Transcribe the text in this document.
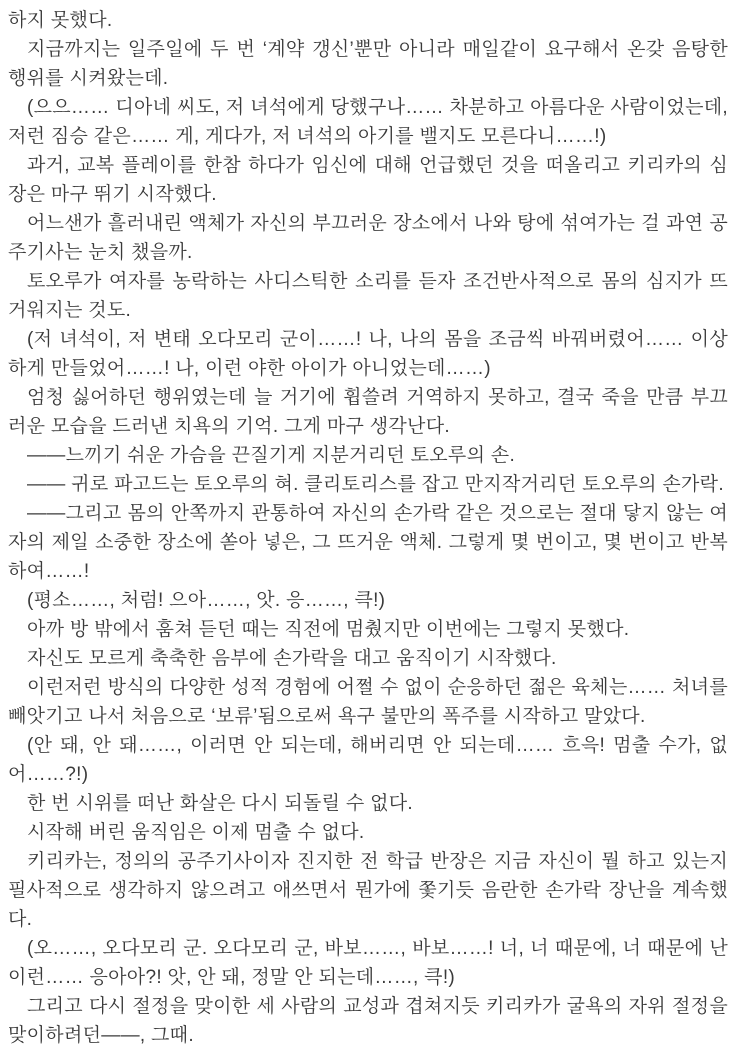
하지 못했다.

지금까지는 일주일에 두 번 ‘계약 갱신’뿐만 아니라 매일같이 요구해서 온갖 음탕한 행위를 시켜왔는데.

(으으…… 디아네 씨도, 저 녀석에게 당했구나…… 차분하고 아름다운 사람이었는데, 저런 짐승 같은…… 게, 게다가, 저 녀석의 아기를 밸지도 모른다니……!)

과거, 교복 플레이를 한참 하다가 임신에 대해 언급했던 것을 떠올리고 키리카의 심장은 마구 뛰기 시작했다.

어느샌가 흘러내린 액체가 자신의 부끄러운 장소에서 나와 탕에 섞여가는 걸 과연 공주기사는 눈치 챘을까.

토오루가 여자를 농락하는 사디스틱한 소리를 듣자 조건반사적으로 몸의 심지가 뜨거워지는 것도.

(저 녀석이, 저 변태 오다모리 군이……! 나, 나의 몸을 조금씩 바꿔버렸어…… 이상하게 만들었어……! 나, 이런 야한 아이가 아니었는데……)

엄청 싫어하던 행위였는데 늘 거기에 휩쓸려 거역하지 못하고, 결국 죽을 만큼 부끄러운 모습을 드러낸 치욕의 기억. 그게 마구 생각난다.

——느끼기 쉬운 가슴을 끈질기게 지분거리던 토오루의 손.

—— 귀로 파고드는 토오루의 혀. 클리토리스를 잡고 만지작거리던 토오루의 손가락.

——그리고 몸의 안쪽까지 관통하여 자신의 손가락 같은 것으로는 절대 닿지 않는 여자의 제일 소중한 장소에 쏟아 넣은, 그 뜨거운 액체. 그렇게 몇 번이고, 몇 번이고 반복하여……!

(평소……, 처럼! 으아……, 앗. 응……, 큭!)

아까 방 밖에서 훔쳐 듣던 때는 직전에 멈췄지만 이번에는 그렇지 못했다.

자신도 모르게 축축한 음부에 손가락을 대고 움직이기 시작했다.

이런저런 방식의 다양한 성적 경험에 어쩔 수 없이 순응하던 젊은 육체는…… 처녀를 빼앗기고 나서 처음으로 ‘보류’됨으로써 욕구 불만의 폭주를 시작하고 말았다.

(안 돼, 안 돼……, 이러면 안 되는데, 해버리면 안 되는데…… 흐윽! 멈출 수가, 없어……?!)

한 번 시위를 떠난 화살은 다시 되돌릴 수 없다.

시작해 버린 움직임은 이제 멈출 수 없다.

키리카는, 정의의 공주기사이자 진지한 전 학급 반장은 지금 자신이 뭘 하고 있는지 필사적으로 생각하지 않으려고 애쓰면서 뭔가에 쫓기듯 음란한 손가락 장난을 계속했다.

(오……, 오다모리 군. 오다모리 군, 바보……, 바보……! 너, 너 때문에, 너 때문에 난 이런…… 응아아?! 앗, 안 돼, 정말 안 되는데……, 큭!)

그리고 다시 절정을 맞이한 세 사람의 교성과 겹쳐지듯 키리카가 굴욕의 자위 절정을 맞이하려던——, 그때.
